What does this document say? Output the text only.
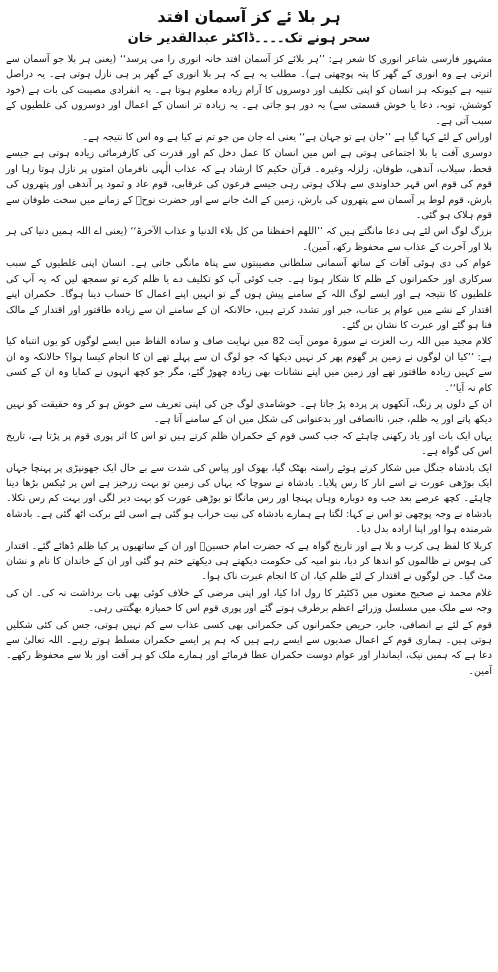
ہر بلا ئے کز آسمان افتد
سحر ہونے تک۔۔۔۔ڈاکٹر عبدالقدیر خان

مشہور فارسی شاعر انوری کا شعر ہے: ’’ہر بلائے کز آسمان افتد خانہ انوری را می پرسد‘‘ (یعنی ہر بلا جو آسمان سے اترتی ہے وہ انوری کے گھر کا پتہ پوچھتی ہے)۔ مطلب یہ ہے کہ ہر بلا انوری کے گھر پر ہی نازل ہوتی ہے۔ یہ دراصل تنبیہ ہے کیونکہ ہر انسان کو اپنی تکلیف اور دوسروں کا آرام زیادہ معلوم ہوتا ہے۔ یہ انفرادی مصیبت کی بات ہے (خود کوشش، توبہ، دعا یا خوش قسمتی سے) یہ دور ہو جاتی ہے۔ یہ زیادہ تر انسان کے اعمال اور دوسروں کی غلطیوں کے سبب آتی ہے۔

اوراس کے لئے کہا گیا ہے ’’جان ہے تو جہان ہے‘‘ یعنی اے جان من جو تم نے کیا ہے وہ اس کا نتیجہ ہے۔

دوسری آفت یا بلا اجتماعی ہوتی ہے اس میں انسان کا عمل دخل کم اور قدرت کی کارفرمائی زیادہ ہوتی ہے جیسے قحط، سیلاب، آندھی، طوفان، زلزلہ وغیرہ۔ قرآن حکیم کا ارشاد ہے کہ عذاب الٰہی نافرمان امتوں پر نازل ہوتا رہا اور قوم کی قوم اس قہر خداوندی سے ہلاک ہوتی رہی جیسے فرعون کی غرقابی، قوم عاد و ثمود پر آندھی اور پتھروں کی بارش، قوم لوط پر آسمان سے پتھروں کی بارش، زمین کے الٹ جانے سے اور حضرت نوحؑ کے زمانے میں سخت طوفان سے قوم ہلاک ہو گئی۔

بزرگ لوگ اس لئے ہی دعا مانگتے ہیں کہ ’’اللھم احفظنا من کل بلاء الدنیا و عذاب الآخرۃ‘‘ (یعنی اے اللہ ہمیں دنیا کی ہر بلا اور آخرت کے عذاب سے محفوظ رکھ، آمین)۔

عوام کی دی ہوئی آفات کے ساتھ آسمانی سلطانی مصیبتوں سے پناہ مانگی جاتی ہے۔ انسان اپنی غلطیوں کے سبب سرکاری اور حکمرانوں کے ظلم کا شکار ہوتا ہے۔ جب کوئی آپ کو تکلیف دے یا ظلم کرے تو سمجھ لیں کہ یہ آپ کی غلطیوں کا نتیجہ ہے اور ایسے لوگ اللہ کے سامنے پیش ہوں گے تو انہیں اپنے اعمال کا حساب دینا ہوگا۔ حکمران اپنے اقتدار کے نشے میں عوام پر عتاب، جبر اور تشدد کرتے ہیں، حالانکہ ان کے سامنے ان سے زیادہ طاقتور اور اقتدار کے مالک فنا ہو گئے اور عبرت کا نشان بن گئے۔

کلام مجید میں اللہ رب العزت نے سورۃ مومن آیت 82 میں نہایت صاف و سادہ الفاظ میں ایسے لوگوں کو یوں انتباہ کیا ہے: ’’کیا ان لوگوں نے زمین پر گھوم پھر کر نہیں دیکھا کہ جو لوگ ان سے پہلے تھے ان کا انجام کیسا ہوا؟ حالانکہ وہ ان سے کہیں زیادہ طاقتور تھے اور زمین میں اپنے نشانات بھی زیادہ چھوڑ گئے، مگر جو کچھ انہوں نے کمایا وہ ان کے کسی کام نہ آیا‘‘۔

ان کے دلوں پر زنگ، آنکھوں پر پردہ پڑ جاتا ہے۔ خوشامدی لوگ جن کی اپنی تعریف سے خوش ہو کر وہ حقیقت کو نہیں دیکھ پاتے اور یہ ظلم، جبر، ناانصافی اور بدعنوانی کی شکل میں ان کے سامنے آتا ہے۔

یہاں ایک بات اور یاد رکھنی چاہئے کہ جب کسی قوم کے حکمران ظلم کرتے ہیں تو اس کا اثر پوری قوم پر پڑتا ہے، تاریخ اس کی گواہ ہے۔

ایک بادشاہ جنگل میں شکار کرتے ہوئے راستہ بھٹک گیا، بھوک اور پیاس کی شدت سے بے حال ایک جھونپڑی پر پہنچا جہاں ایک بوڑھی عورت نے اسے انار کا رس پلایا۔ بادشاہ نے سوچا کہ یہاں کی زمین تو بہت زرخیز ہے اس پر ٹیکس بڑھا دینا چاہئے۔ کچھ عرصے بعد جب وہ دوبارہ وہاں پہنچا اور رس مانگا تو بوڑھی عورت کو بہت دیر لگی اور بہت کم رس نکلا۔ بادشاہ نے وجہ پوچھی تو اس نے کہا: لگتا ہے ہمارے بادشاہ کی نیت خراب ہو گئی ہے اسی لئے برکت اٹھ گئی ہے۔ بادشاہ شرمندہ ہوا اور اپنا ارادہ بدل دیا۔

کربلا کا لفظ ہی کرب و بلا ہے اور تاریخ گواہ ہے کہ حضرت امام حسینؓ اور ان کے ساتھیوں پر کیا ظلم ڈھائے گئے۔ اقتدار کی ہوس نے ظالموں کو اندھا کر دیا، بنو امیہ کی حکومت دیکھتے ہی دیکھتے ختم ہو گئی اور ان کے خاندان کا نام و نشان مٹ گیا۔ جن لوگوں نے اقتدار کے لئے ظلم کیا، ان کا انجام عبرت ناک ہوا۔

غلام محمد نے صحیح معنوں میں ڈکٹیٹر کا رول ادا کیا، اور اپنی مرضی کے خلاف کوئی بھی بات برداشت نہ کی۔ ان کی وجہ سے ملک میں مسلسل وزرائے اعظم برطرف ہوتے گئے اور پوری قوم اس کا خمیازہ بھگتتی رہی۔

قوم کے لئے بے انصافی، جابر، حریص حکمرانوں کی حکمرانی بھی کسی عذاب سے کم نہیں ہوتی، جس کی کئی شکلیں ہوتی ہیں۔ ہماری قوم کے اعمال صدیوں سے ایسے رہے ہیں کہ ہم پر ایسے حکمران مسلط ہوتے رہے۔ اللہ تعالیٰ سے دعا ہے کہ ہمیں نیک، ایماندار اور عوام دوست حکمران عطا فرمائے اور ہمارے ملک کو ہر آفت اور بلا سے محفوظ رکھے۔ آمین۔
